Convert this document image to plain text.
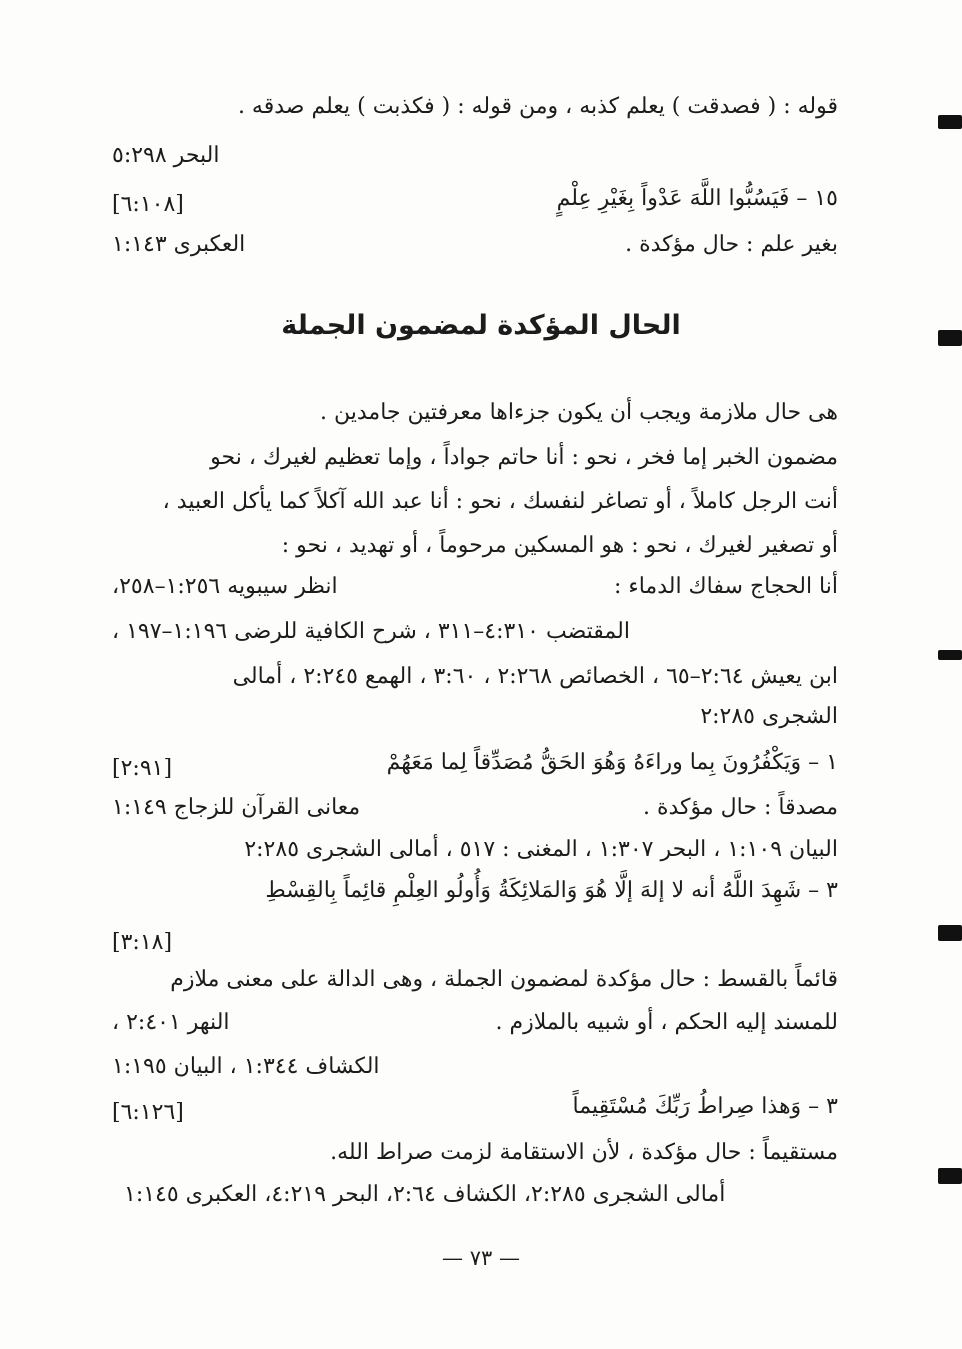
الحال المؤكدة لمضمون الجملة
قوله : ( فصدقت ) يعلم كذبه ، ومن قوله : ( فكذبت ) يعلم صدقه .
البحر ٥:٢٩٨
١٥ – فَيَسُبُّوا اللَّهَ عَدْواً بِغَيْرِ عِلْمٍ
[٦:١٠٨]
بغير علم : حال مؤكدة .
العكبرى ١:١٤٣
هى حال ملازمة ويجب أن يكون جزءاها معرفتين جامدين .
مضمون الخبر إما فخر ، نحو : أنا حاتم جواداً ، وإما تعظيم لغيرك ، نحو
أنت الرجل كاملاً ، أو تصاغر لنفسك ، نحو : أنا عبد الله آكلاً كما يأكل العبيد ،
أو تصغير لغيرك ، نحو : هو المسكين مرحوماً ، أو تهديد ، نحو :
أنا الحجاج سفاك الدماء :
انظر سيبويه ١:٢٥٦–٢٥٨،
المقتضب ٤:٣١٠–٣١١ ، شرح الكافية للرضى ١:١٩٦–١٩٧ ،
ابن يعيش ٢:٦٤–٦٥ ، الخصائص ٢:٢٦٨ ، ٣:٦٠ ، الهمع ٢:٢٤٥ ، أمالى
الشجرى ٢:٢٨٥
١ – وَيَكْفُرُونَ بِما وراءَهُ وَهُوَ الحَقُّ مُصَدِّقاً لِما مَعَهُمْ
[٢:٩١]
مصدقاً : حال مؤكدة .
معانى القرآن للزجاج ١:١٤٩
البيان ١:١٠٩ ، البحر ١:٣٠٧ ، المغنى : ٥١٧ ، أمالى الشجرى ٢:٢٨٥
٣ – شَهِدَ اللَّهُ أنه لا إلهَ إلَّا هُوَ وَالمَلائِكَةُ وَأُولُو العِلْمِ قائِماً بِالقِسْطِ
[٣:١٨]
قائماً بالقسط : حال مؤكدة لمضمون الجملة ، وهى الدالة على معنى ملازم
للمسند إليه الحكم ، أو شبيه بالملازم .
النهر ٢:٤٠١ ،
الكشاف ١:٣٤٤ ، البيان ١:١٩٥
٣ – وَهذا صِراطُ رَبِّكَ مُسْتَقِيماً
[٦:١٢٦]
مستقيماً : حال مؤكدة ، لأن الاستقامة لزمت صراط الله.
أمالى الشجرى ٢:٢٨٥، الكشاف ٢:٦٤، البحر ٤:٢١٩، العكبرى ١:١٤٥
— ٧٣ —
